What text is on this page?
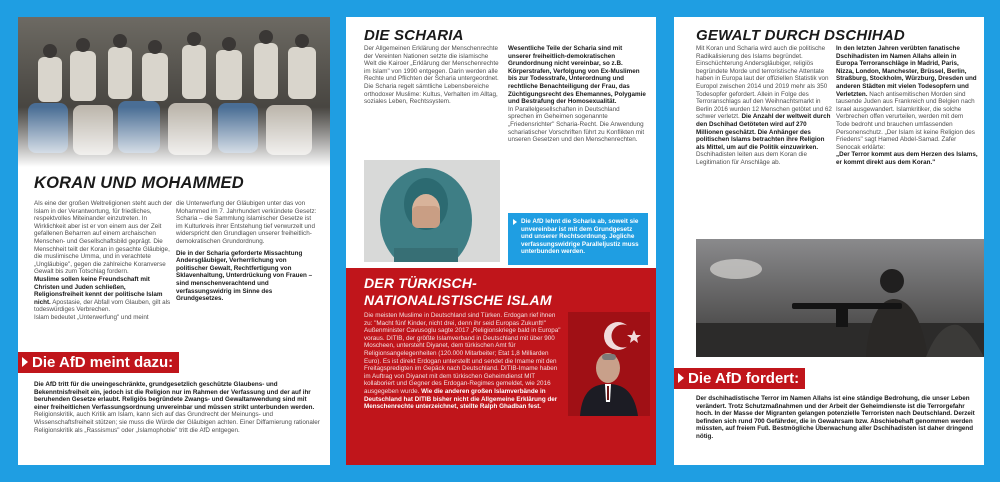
KORAN UND MOHAMMED

Als eine der großen Weltreligionen steht auch der Islam in der Verantwortung, für friedliches, respektvolles Miteinander einzutreten. In Wirklichkeit aber ist er von einem aus der Zeit gefallenen Beharren auf einem archaischen Menschen- und Gesellschaftsbild geprägt. Die Menschheit teilt der Koran in gesachte Gläubige, die muslimische Umma, und in verachtete „Ungläubige", gegen die zahlreiche Koranverse Gewalt bis zum Totschlag fordern.

Muslime sollen keine Freundschaft mit Christen und Juden schließen, Religionsfreiheit kennt der politische Islam nicht. Apostasie, der Abfall vom Glauben, gilt als todeswürdiges Verbrechen.

Islam bedeutet „Unterwerfung" und meint

die Unterwerfung der Gläubigen unter das von Mohammed im 7. Jahrhundert verkündete Gesetz: Scharia – die Sammlung islamischer Gesetze ist im Kulturkreis ihrer Entstehung tief verwurzelt und widerspricht den Grundlagen unserer freiheitlich-demokratischen Grundordnung.

Die in der Scharia geforderte Missachtung Andersgläubiger, Verherrlichung von politischer Gewalt, Rechtfertigung von Sklavenhaltung, Unterdrückung von Frauen – sind menschenverachtend und verfassungswidrig im Sinne des Grundgesetzes.

Die AfD meint dazu:
Die AfD tritt für die uneingeschränkte, grundgesetzlich geschützte Glaubens- und Bekenntnisfreiheit ein, jedoch ist die Religion nur im Rahmen der Verfassung und der auf ihr beruhenden Gesetze erlaubt. Religiös begründete Zwangs- und Gewaltanwendung sind mit einer freiheitlichen Verfassungsordnung unvereinbar und müssen strikt unterbunden werden. Religionskritik, auch Kritik am Islam, kann sich auf das Grundrecht der Meinungs- und Wissenschaftsfreiheit stützen; sie muss die Würde der Gläubigen achten. Einer Diffamierung rationaler Religionskritik als „Rassismus" oder „Islamophobie" tritt die AfD entgegen.
DIE SCHARIA
Der Allgemeinen Erklärung der Menschenrechte der Vereinten Nationen setzte die islamische Welt die Kairoer „Erklärung der Menschenrechte im Islam" von 1990 entgegen. Darin werden alle Rechte und Pflichten der Scharia untergeordnet. Die Scharia regelt sämtliche Lebensbereiche orthodoxer Muslime: Kultus, Verhalten im Alltag, soziales Leben, Rechtssystem.

Wesentliche Teile der Scharia sind mit unserer freiheitlich-demokratischen Grundordnung nicht vereinbar, so z.B. Körperstrafen, Verfolgung von Ex-Muslimen bis zur Todesstrafe, Unterordnung und rechtliche Benachteiligung der Frau, das Züchtigungsrecht des Ehemannes, Polygamie und Bestrafung der Homosexualität.

In Parallelgesellschaften in Deutschland sprechen im Geheimen sogenannte „Friedensrichter" Scharia-Recht. Die Anwendung schariatischer Vorschriften führt zu Konflikten mit unseren Gesetzen und den Menschenrechten.

Die AfD lehnt die Scharia ab, soweit sie unvereinbar ist mit dem Grundgesetz und unserer Rechtsordnung. Jegliche verfassungswidrige Paralleljustiz muss unterbunden werden.
DER TÜRKISCH-
NATIONALISTISCHE ISLAM
Die meisten Muslime in Deutschland sind Türken. Erdogan rief ihnen zu: "Macht fünf Kinder, nicht drei, denn ihr seid Europas Zukunft!" Außenminister Cavusoglu sagte 2017 „Religionskriege bald in Europa" voraus. DITIB, der größte Islamverband in Deutschland mit über 900 Moscheen, untersteht Diyanet, dem türkischen Amt für Religionsangelegenheiten (120.000 Mitarbeiter; Etat 1,8 Milliarden Euro). Es ist direkt Erdogan unterstellt und sendet die Imame mit den Freitagspredigten im Gepäck nach Deutschland. DITIB-Imame haben im Auftrag von Diyanet mit dem türkischen Geheimdienst MIT kollaboriert und Gegner des Erdogan-Regimes gemeldet, wie 2016 ausgegeben wurde. Wie die anderen großen Islamverbände in Deutschland hat DITIB bisher nicht die Allgemeine Erklärung der Menschenrechte unterzeichnet, stellte Ralph Ghadban fest.
GEWALT DURCH DSCHIHAD
Mit Koran und Scharia wird auch die politische Radikalisierung des Islams begründet. Einschüchterung Andersgläubiger, religiös begründete Morde und terroristische Attentate haben in Europa laut der offiziellen Statistik von Europol zwischen 2014 und 2019 mehr als 350 Todesopfer gefordert. Allein in Folge des Terroranschlags auf den Weihnachtsmarkt in Berlin 2016 wurden 12 Menschen getötet und 62 schwer verletzt. Die Anzahl der weltweit durch den Dschihad Getöteten wird auf 270 Millionen geschätzt. Die Anhänger des politischen Islams betrachten ihre Religion als Mittel, um auf die Politik einzuwirken. Dschihadisten leiten aus dem Koran die Legitimation für Anschläge ab.
In den letzten Jahren verübten fanatische Dschihadisten im Namen Allahs allein in Europa Terroranschläge in Madrid, Paris, Nizza, London, Manchester, Brüssel, Berlin, Straßburg, Stockholm, Würzburg, Dresden und anderen Städten mit vielen Todesopfern und Verletzten. Nach antisemitischen Morden sind tausende Juden aus Frankreich und Belgien nach Israel ausgewandert. Islamkritiker, die solche Verbrechen offen verurteilen, werden mit dem Tode bedroht und brauchen umfassenden Personenschutz. „Der Islam ist keine Religion des Friedens" sagt Hamed Abdel-Samad. Zafer Senocak erklärte:

„Der Terror kommt aus dem Herzen des Islams, er kommt direkt aus dem Koran."

Die AfD fordert:
Der dschihadistische Terror im Namen Allahs ist eine ständige Bedrohung, die unser Leben verändert. Trotz Schutzmaßnahmen und der Arbeit der Geheimdienste ist die Terrorgefahr hoch. In der Masse der Migranten gelangen potenzielle Terroristen nach Deutschland. Derzeit befinden sich rund 700 Gefährder, die in Gewahrsam bzw. Abschiebehaft genommen werden müssten, auf freiem Fuß. Bestmögliche Überwachung aller Dschihadisten ist daher dringend nötig.
